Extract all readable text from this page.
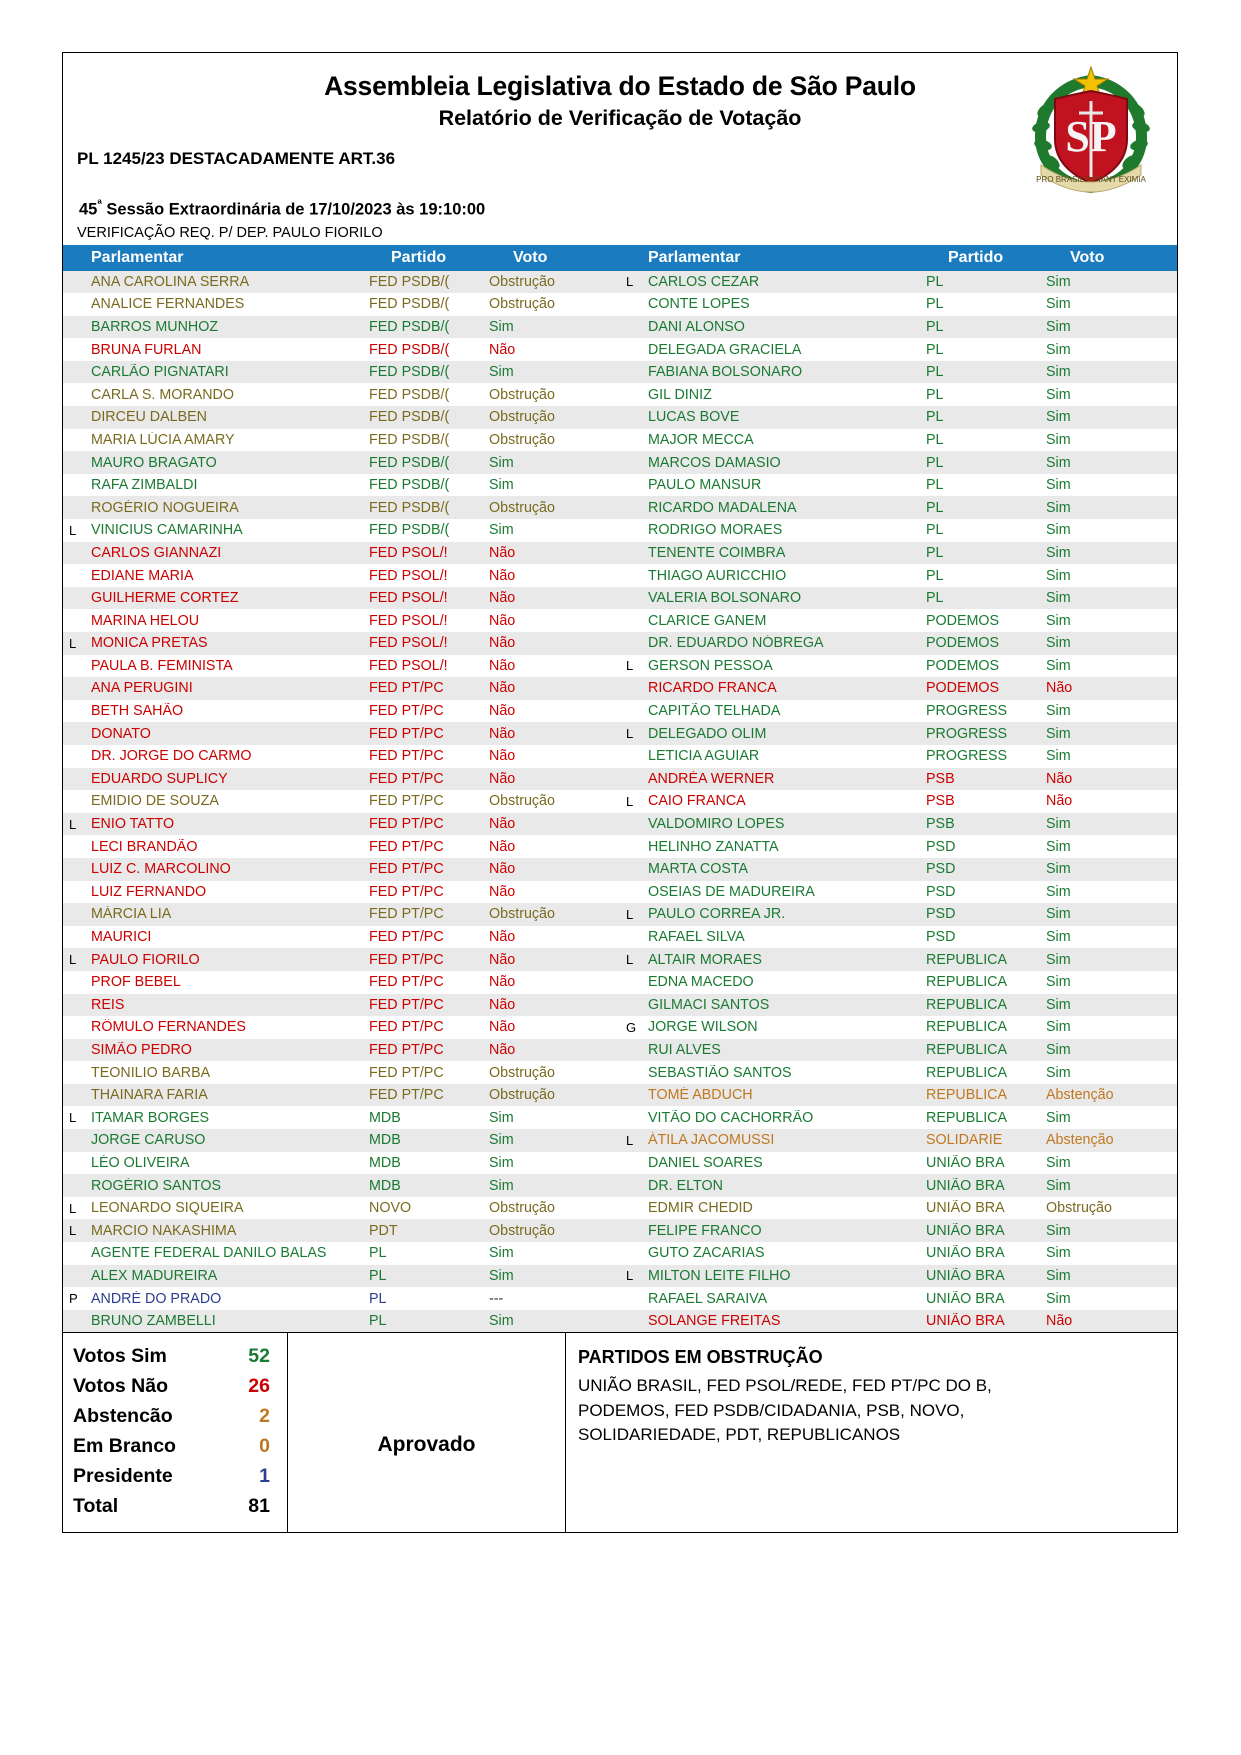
Assembleia Legislativa do Estado de São Paulo
Relatório de Verificação de Votação
PL 1245/23 DESTACADAMENTE ART.36
$45^ª$ Sessão Extraordinária de 17/10/2023 às 19:10:00
VERIFICAÇÃO REQ. P/ DEP. PAULO FIORILO
SP
PRO BRASILIA FIANT EXIMIA
Parlamentar	Partido	Voto	Parlamentar	Partido	Voto
ANA CAROLINA SERRA	FED PSDB/(	Obstrução
ANALICE FERNANDES	FED PSDB/(	Obstrução
BARROS MUNHOZ	FED PSDB/(	Sim
BRUNA FURLAN	FED PSDB/(	Não
CARLÃO PIGNATARI	FED PSDB/(	Sim
CARLA S. MORANDO	FED PSDB/(	Obstrução
DIRCEU DALBEN	FED PSDB/(	Obstrução
MARIA LÚCIA AMARY	FED PSDB/(	Obstrução
MAURO BRAGATO	FED PSDB/(	Sim
RAFA ZIMBALDI	FED PSDB/(	Sim
ROGÉRIO NOGUEIRA	FED PSDB/(	Obstrução
L	VINICIUS CAMARINHA	FED PSDB/(	Sim
CARLOS GIANNAZI	FED PSOL/!	Não
EDIANE MARIA	FED PSOL/!	Não
GUILHERME CORTEZ	FED PSOL/!	Não
MARINA HELOU	FED PSOL/!	Não
L	MONICA PRETAS	FED PSOL/!	Não
PAULA B. FEMINISTA	FED PSOL/!	Não
ANA PERUGINI	FED PT/PC	Não
BETH SAHÃO	FED PT/PC	Não
DONATO	FED PT/PC	Não
DR. JORGE DO CARMO	FED PT/PC	Não
EDUARDO SUPLICY	FED PT/PC	Não
EMIDIO DE SOUZA	FED PT/PC	Obstrução
L	ENIO TATTO	FED PT/PC	Não
LECI BRANDÃO	FED PT/PC	Não
LUIZ C. MARCOLINO	FED PT/PC	Não
LUIZ FERNANDO	FED PT/PC	Não
MÁRCIA LIA	FED PT/PC	Obstrução
MAURICI	FED PT/PC	Não
L	PAULO FIORILO	FED PT/PC	Não
PROF BEBEL	FED PT/PC	Não
REIS	FED PT/PC	Não
RÔMULO FERNANDES	FED PT/PC	Não
SIMÃO PEDRO	FED PT/PC	Não
TEONILIO BARBA	FED PT/PC	Obstrução
THAINARA FARIA	FED PT/PC	Obstrução
L	ITAMAR BORGES	MDB	Sim
JORGE CARUSO	MDB	Sim
LÉO OLIVEIRA	MDB	Sim
ROGÉRIO SANTOS	MDB	Sim
L	LEONARDO SIQUEIRA	NOVO	Obstrução
L	MARCIO NAKASHIMA	PDT	Obstrução
AGENTE FEDERAL DANILO BALAS	PL	Sim
ALEX MADUREIRA	PL	Sim
P ANDRÉ DO PRADO	PL	---
BRUNO ZAMBELLI	PL	Sim
L	CARLOS CEZAR	PL	Sim
CONTE LOPES	PL	Sim
DANI ALONSO	PL	Sim
DELEGADA GRACIELA	PL	Sim
FABIANA BOLSONARO	PL	Sim
GIL DINIZ	PL	Sim
LUCAS BOVE	PL	Sim
MAJOR MECCA	PL	Sim
MARCOS DAMASIO	PL	Sim
PAULO MANSUR	PL	Sim
RICARDO MADALENA	PL	Sim
RODRIGO MORAES	PL	Sim
TENENTE COIMBRA	PL	Sim
THIAGO AURICCHIO	PL	Sim
VALERIA BOLSONARO	PL	Sim
CLARICE GANEM	PODEMOS	Sim
DR. EDUARDO NÓBREGA	PODEMOS	Sim
L	GERSON PESSOA	PODEMOS	Sim
RICARDO FRANCA	PODEMOS	Não
CAPITÃO TELHADA	PROGRESS	Sim
L	DELEGADO OLIM	PROGRESS	Sim
LETICIA AGUIAR	PROGRESS	Sim
ANDRÉA WERNER	PSB	Não
L	CAIO FRANCA	PSB	Não
VALDOMIRO LOPES	PSB	Sim
HELINHO ZANATTA	PSD	Sim
MARTA COSTA	PSD	Sim
OSEIAS DE MADUREIRA	PSD	Sim
L	PAULO CORREA JR.	PSD	Sim
RAFAEL SILVA	PSD	Sim
L	ALTAIR MORAES	REPUBLICA	Sim
EDNA MACEDO	REPUBLICA	Sim
GILMACI SANTOS	REPUBLICA	Sim
G JORGE WILSON	REPUBLICA	Sim
RUI ALVES	REPUBLICA	Sim
SEBASTIÃO SANTOS	REPUBLICA	Sim
TOMÉ ABDUCH	REPUBLICA	Abstenção
VITÃO DO CACHORRÃO	REPUBLICA	Sim
L	ÁTILA JACOMUSSI	SOLIDARIE	Abstenção
DANIEL SOARES	UNIÃO BRA	Sim
DR. ELTON	UNIÃO BRA	Sim
EDMIR CHEDID	UNIÃO BRA	Obstrução
FELIPE FRANCO	UNIÃO BRA	Sim
GUTO ZACARIAS	UNIÃO BRA	Sim
L	MILTON LEITE FILHO	UNIÃO BRA	Sim
RAFAEL SARAIVA	UNIÃO BRA	Sim
SOLANGE FREITAS	UNIÃO BRA	Não
Votos Sim	52
Votos Não	26
Abstencão	2
Em Branco	0
Presidente	1
Total	81
Aprovado
PARTIDOS EM OBSTRUÇÃO
UNIÃO BRASIL, FED PSOL/REDE, FED PT/PC DO B,
PODEMOS, FED PSDB/CIDADANIA, PSB, NOVO,
SOLIDARIEDADE, PDT, REPUBLICANOS
